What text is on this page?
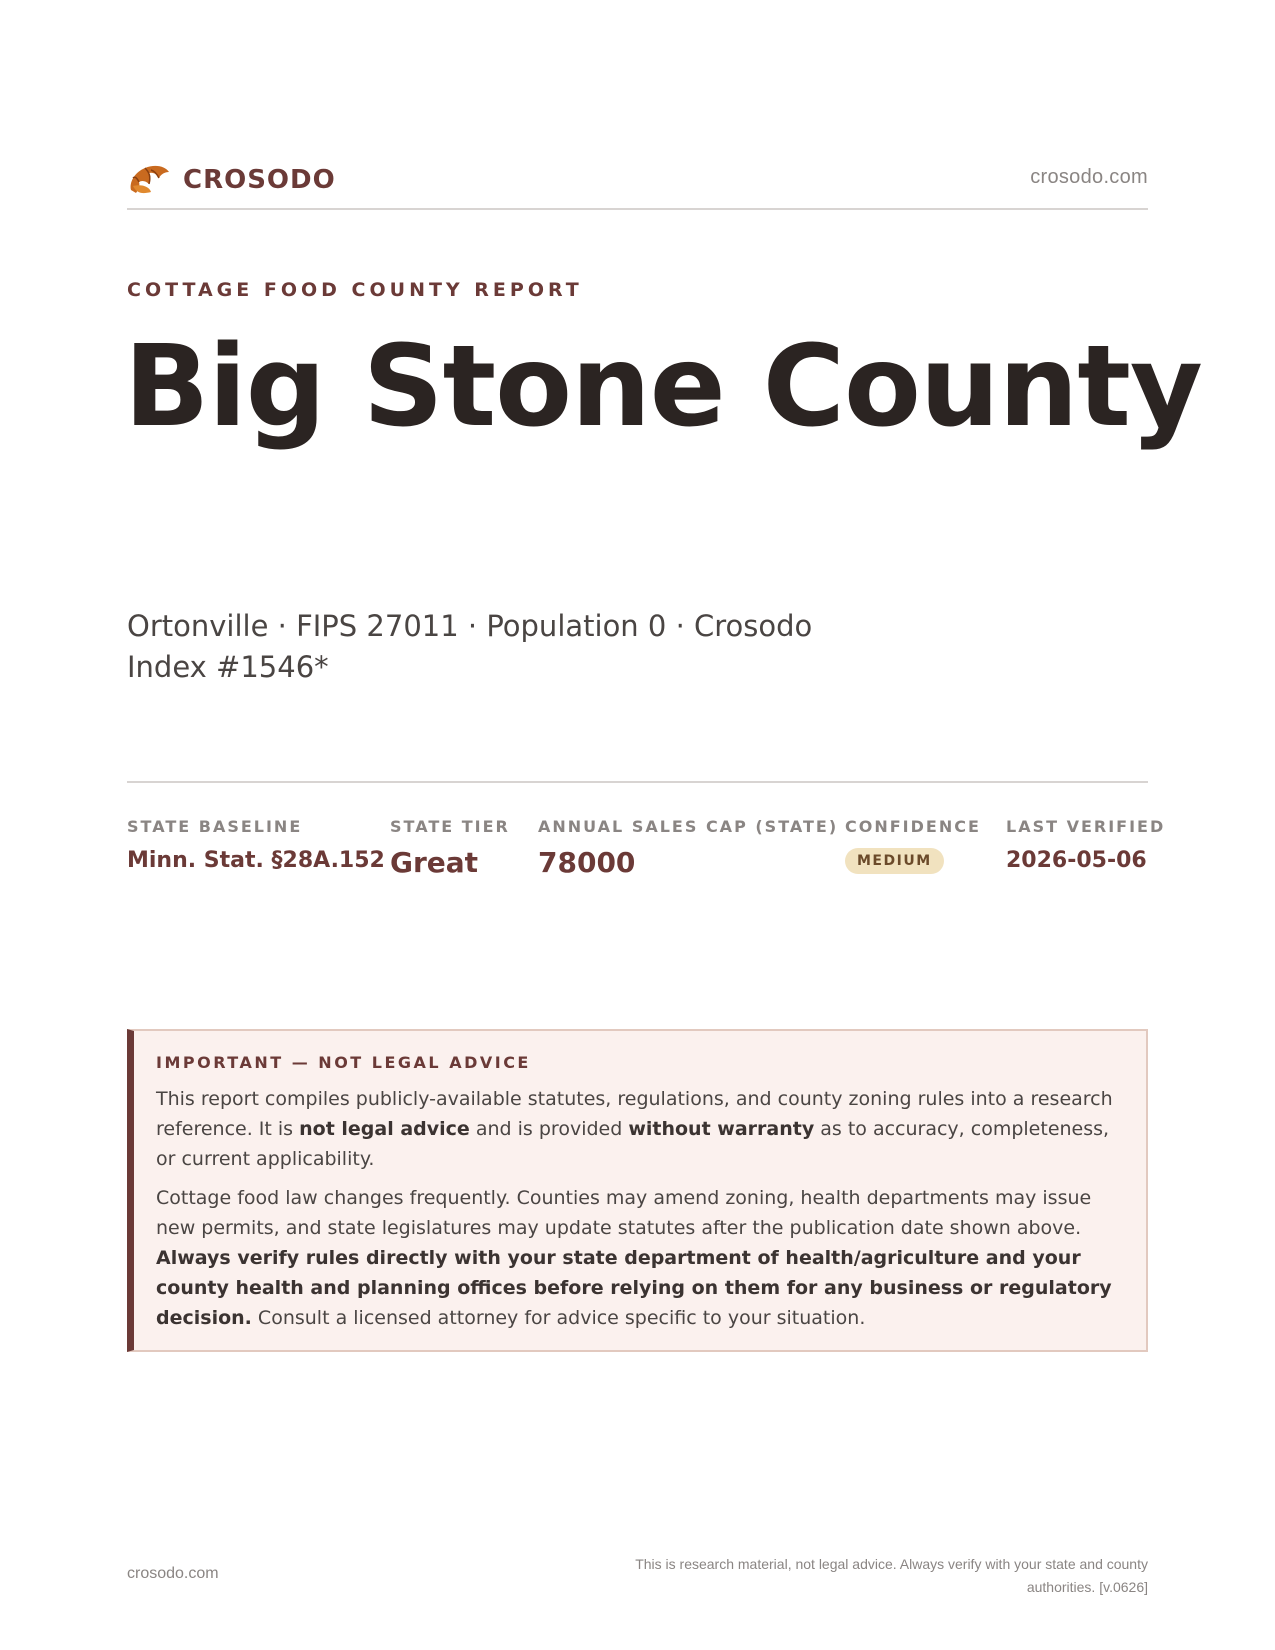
CROSODO	crosodo.com
COTTAGE FOOD COUNTY REPORT
Big Stone County
Ortonville · FIPS 27011 · Population 0 · Crosodo Index #1546*
STATE BASELINE
Minn. Stat. §28A.152
STATE TIER
Great
ANNUAL SALES CAP (STATE)
78000
CONFIDENCE
MEDIUM
LAST VERIFIED
2026-05-06
IMPORTANT — NOT LEGAL ADVICE

This report compiles publicly-available statutes, regulations, and county zoning rules into a research reference. It is not legal advice and is provided without warranty as to accuracy, completeness, or current applicability.

Cottage food law changes frequently. Counties may amend zoning, health departments may issue new permits, and state legislatures may update statutes after the publication date shown above. Always verify rules directly with your state department of health/agriculture and your county health and planning offices before relying on them for any business or regulatory decision. Consult a licensed attorney for advice specific to your situation.

crosodo.com
This is research material, not legal advice. Always verify with your state and county authorities. [v.0626]
